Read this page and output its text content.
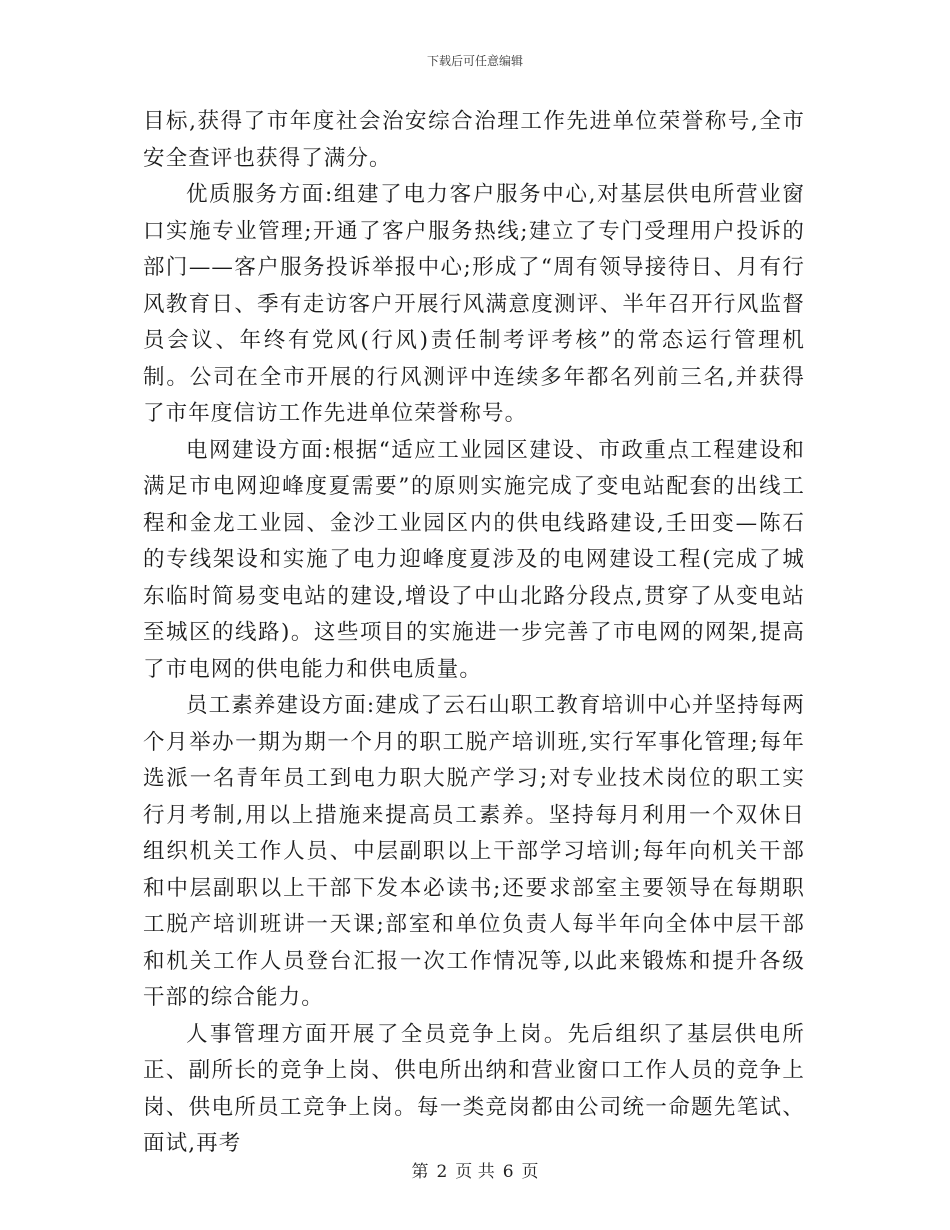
下载后可任意编辑

目标,获得了市年度社会治安综合治理工作先进单位荣誉称号,全市安全查评也获得了满分。

优质服务方面:组建了电力客户服务中心,对基层供电所营业窗口实施专业管理;开通了客户服务热线;建立了专门受理用户投诉的部门——客户服务投诉举报中心;形成了“周有领导接待日、月有行风教育日、季有走访客户开展行风满意度测评、半年召开行风监督员会议、年终有党风(行风)责任制考评考核”的常态运行管理机制。公司在全市开展的行风测评中连续多年都名列前三名,并获得了市年度信访工作先进单位荣誉称号。

电网建设方面:根据“适应工业园区建设、市政重点工程建设和满足市电网迎峰度夏需要”的原则实施完成了变电站配套的出线工程和金龙工业园、金沙工业园区内的供电线路建设,壬田变—陈石的专线架设和实施了电力迎峰度夏涉及的电网建设工程(完成了城东临时简易变电站的建设,增设了中山北路分段点,贯穿了从变电站至城区的线路)。这些项目的实施进一步完善了市电网的网架,提高了市电网的供电能力和供电质量。

员工素养建设方面:建成了云石山职工教育培训中心并坚持每两个月举办一期为期一个月的职工脱产培训班,实行军事化管理;每年选派一名青年员工到电力职大脱产学习;对专业技术岗位的职工实行月考制,用以上措施来提高员工素养。坚持每月利用一个双休日组织机关工作人员、中层副职以上干部学习培训;每年向机关干部和中层副职以上干部下发本必读书;还要求部室主要领导在每期职工脱产培训班讲一天课;部室和单位负责人每半年向全体中层干部和机关工作人员登台汇报一次工作情况等,以此来锻炼和提升各级干部的综合能力。

人事管理方面开展了全员竞争上岗。先后组织了基层供电所正、副所长的竞争上岗、供电所出纳和营业窗口工作人员的竞争上岗、供电所员工竞争上岗。每一类竞岗都由公司统一命题先笔试、面试,再考

第 2 页 共 6 页
